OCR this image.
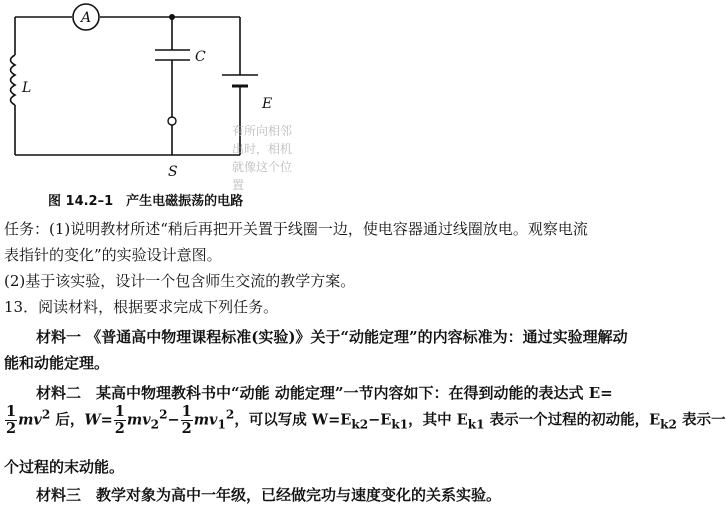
A
C
L
E
S
有所向相邻出时，相机就像这个位置
图 14.2–1　产生电磁振荡的电路
任务：(1)说明教材所述“稍后再把开关置于线圈一边，使电容器通过线圈放电。观察电流
表指针的变化”的实验设计意图。
(2)基于该实验，设计一个包含师生交流的教学方案。
13．阅读材料，根据要求完成下列任务。
材料一 《普通高中物理课程标准(实验)》关于“动能定理”的内容标准为：通过实验理解动
能和动能定理。
材料二　某高中物理教科书中“动能 动能定理”一节内容如下：在得到动能的表达式 E=
$\frac{1}{2} mv^2$ 后，$W= \frac{1}{2} mv_2^2- \frac{1}{2} mv_1^2$，可以写成 $W=E_{k2}-E_{k1}$，其中 $E_{k1}$ 表示一个过程的初动能，$E_{k2}$ 表示一
个过程的末动能。
材料三　教学对象为高中一年级，已经做完功与速度变化的关系实验。
